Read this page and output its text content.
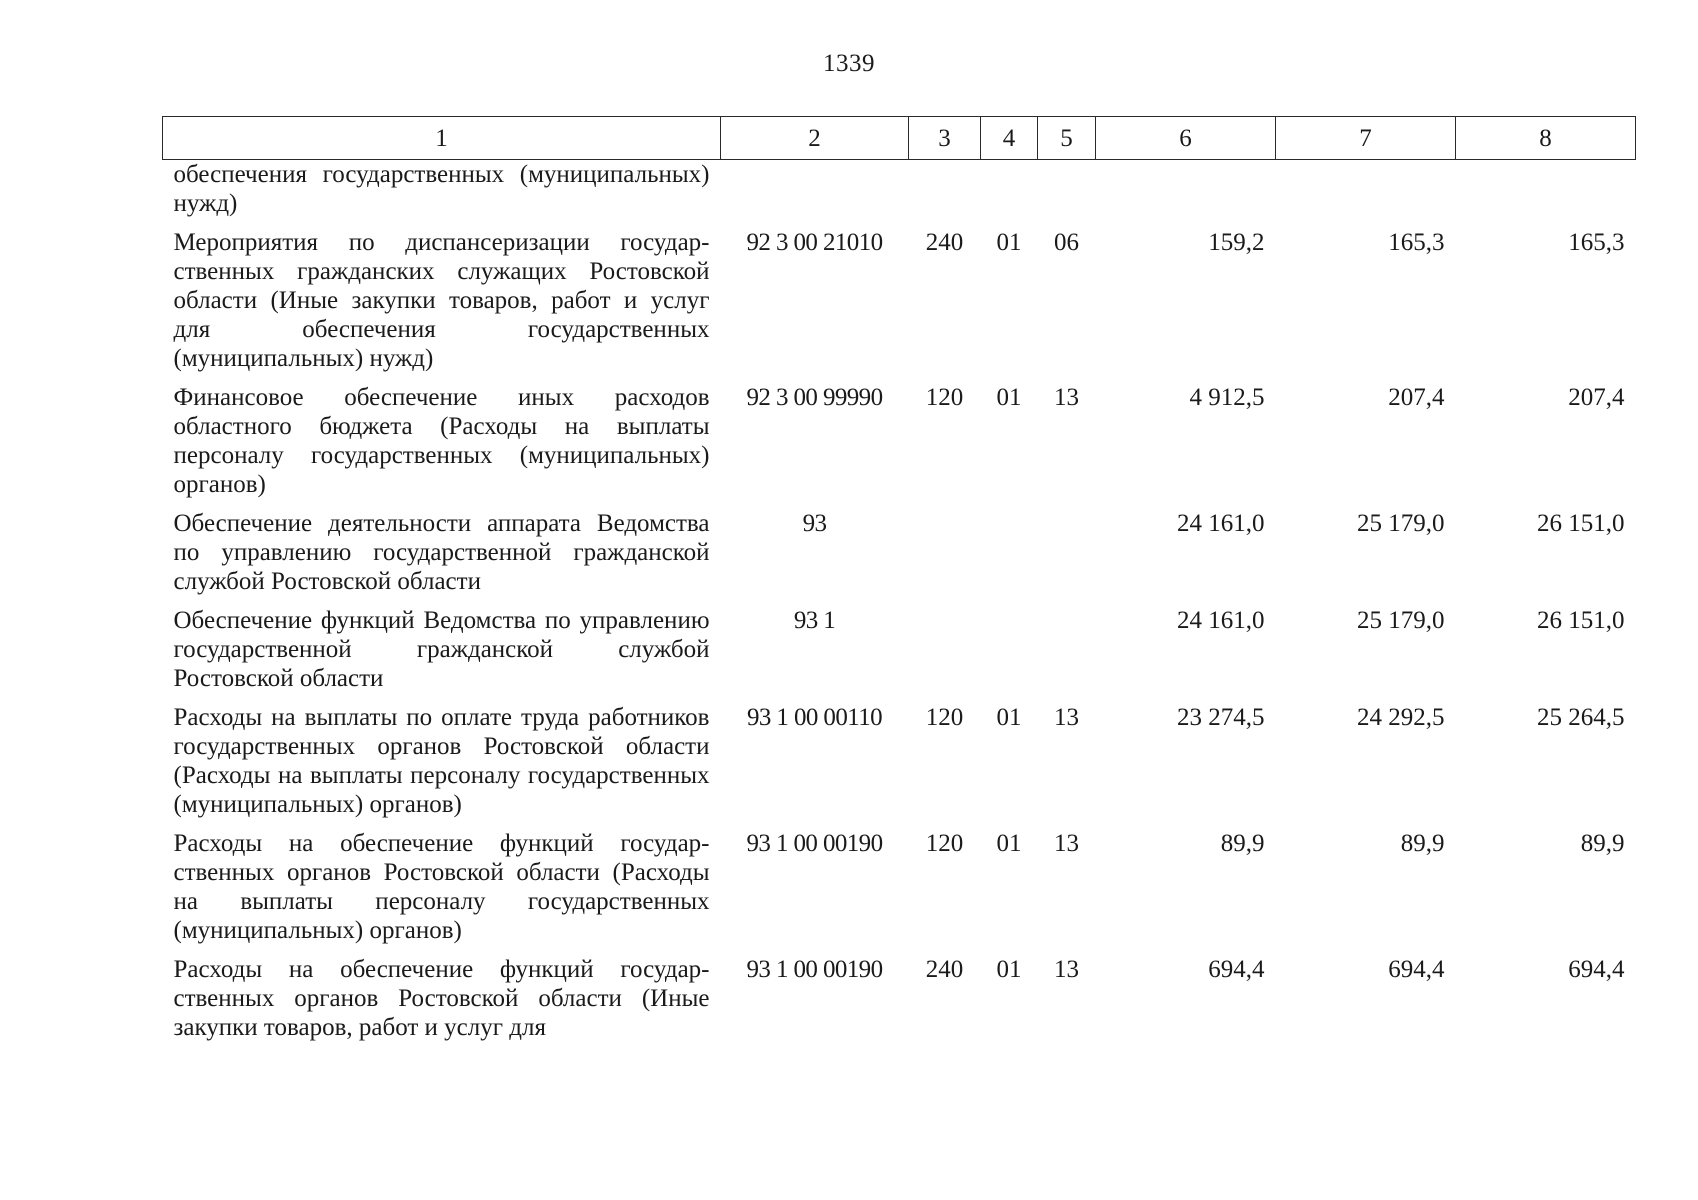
1339
1	2	3	4	5	6	7	8
обеспечения государственных (муниципальных) нужд)							
Мероприятия по диспансеризации государственных гражданских служащих Ростовской области (Иные закупки товаров, работ и услуг для обеспечения государственных (муниципальных) нужд)	92 3 00 21010	240	01	06	159,2	165,3	165,3
Финансовое обеспечение иных расходов областного бюджета (Расходы на выплаты персоналу государственных (муниципальных) органов)	92 3 00 99990	120	01	13	4 912,5	207,4	207,4
Обеспечение деятельности аппарата Ведомства по управлению государственной гражданской службой Ростовской области	93				24 161,0	25 179,0	26 151,0
Обеспечение функций Ведомства по управлению государственной гражданской службой Ростовской области	93 1				24 161,0	25 179,0	26 151,0
Расходы на выплаты по оплате труда работников государственных органов Ростовской области (Расходы на выплаты персоналу государственных (муниципальных) органов)	93 1 00 00110	120	01	13	23 274,5	24 292,5	25 264,5
Расходы на обеспечение функций государственных органов Ростовской области (Расходы на выплаты персоналу государственных (муниципальных) органов)	93 1 00 00190	120	01	13	89,9	89,9	89,9
Расходы на обеспечение функций государственных органов Ростовской области (Иные закупки товаров, работ и услуг для	93 1 00 00190	240	01	13	694,4	694,4	694,4
